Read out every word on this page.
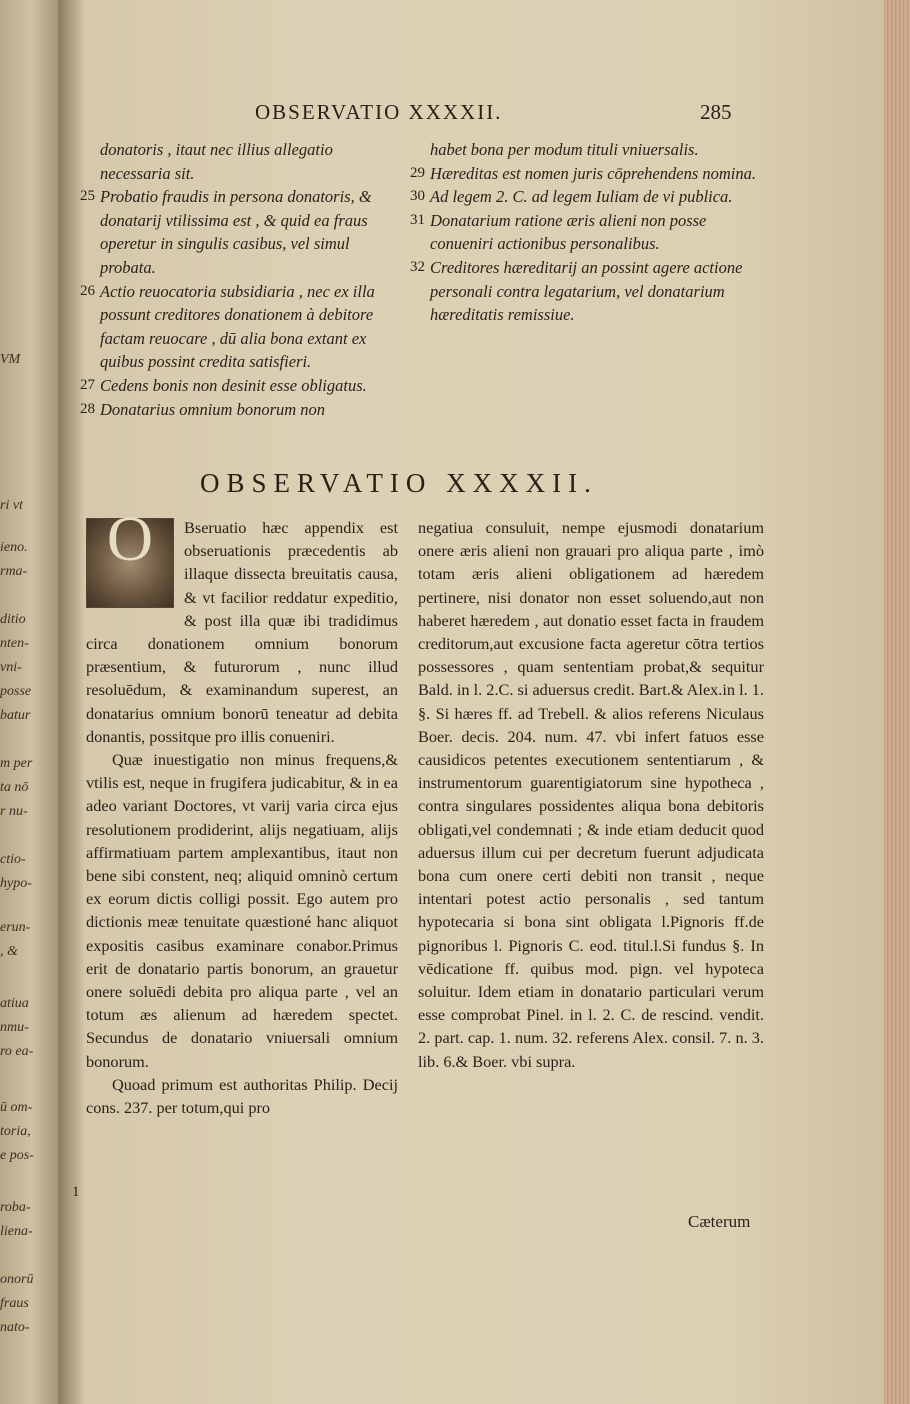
VM
ri vt
ieno.
rma-
ditio
nten-
vni-
posse
batur
m per
ta nō
r nu-
ctio-
hypo-
erun-
, &
atiua
nmu-
ro ea-
ū om-
toria,
e pos-
roba-
liena-
onorū
fraus
nato-
OBSERVATIO XXXXII.	285
donatoris , itaut nec illius allegatio necessaria sit.
25 Probatio fraudis in persona donatoris, & donatarij vtilissima est , & quid ea fraus operetur in singulis casibus, vel simul probata.
26 Actio reuocatoria subsidiaria , nec ex illa possunt creditores donationem à debitore factam reuocare , dū alia bona extant ex quibus possint credita satisfieri.
27 Cedens bonis non desinit esse obligatus.
28 Donatarius omnium bonorum non
habet bona per modum tituli vniuersalis.
29 Hæreditas est nomen juris cōprehendens nomina.
30 Ad legem 2. C. ad legem Iuliam de vi publica.
31 Donatarium ratione æris alieni non posse conueniri actionibus personalibus.
32 Creditores hæreditarij an possint agere actione personali contra legatarium, vel donatarium hæreditatis remissiue.
OBSERVATIO XXXXII.
O	Bseruatio hæc appendix est obseruationis præcedentis ab illaque dissecta breuitatis causa, & vt facilior reddatur expeditio, & post illa quæ ibi tradidimus circa donationem omnium bonorum præsentium, & futurorum , nunc illud resoluēdum, & examinandum superest, an donatarius omnium bonorū teneatur ad debita donantis, possitque pro illis conueniri.

Quæ inuestigatio non minus frequens,& vtilis est, neque in frugifera judicabitur, & in ea adeo variant Doctores, vt varij varia circa ejus resolutionem prodiderint, alijs negatiuam, alijs affirmatiuam partem amplexantibus, itaut non bene sibi constent, neq; aliquid omninò certum ex eorum dictis colligi possit. Ego autem pro dictionis meæ tenuitate quæstioné hanc aliquot expositis casibus examinare conabor.Primus erit de donatario partis bonorum, an grauetur onere soluēdi debita pro aliqua parte , vel an totum æs alienum ad hæredem spectet. Secundus de donatario vniuersali omnium bonorum.

Quoad primum est authoritas Philip. Decij cons. 237. per totum,qui pro

1

negatiua consuluit, nempe ejusmodi donatarium onere æris alieni non grauari pro aliqua parte , imò totam æris alieni obligationem ad hæredem pertinere, nisi donator non esset soluendo,aut non haberet hæredem , aut donatio esset facta in fraudem creditorum,aut excusione facta ageretur cōtra tertios possessores , quam sententiam probat,& sequitur Bald. in l. 2.C. si aduersus credit. Bart.& Alex.in l. 1. §. Si hæres ff. ad Trebell. & alios referens Niculaus Boer. decis. 204. num. 47. vbi infert fatuos esse causidicos petentes executionem sententiarum , & instrumentorum guarentigiatorum sine hypotheca , contra singulares possidentes aliqua bona debitoris obligati,vel condemnati ; & inde etiam deducit quod aduersus illum cui per decretum fuerunt adjudicata bona cum onere certi debiti non transit , neque intentari potest actio personalis , sed tantum hypotecaria si bona sint obligata l.Pignoris ff.de pignoribus l. Pignoris C. eod. titul.l.Si fundus §. In vēdicatione ff. quibus mod. pign. vel hypoteca soluitur. Idem etiam in donatario particulari verum esse comprobat Pinel. in l. 2. C. de rescind. vendit. 2. part. cap. 1. num. 32. referens Alex. consil. 7. n. 3. lib. 6.& Boer. vbi supra.

Cæterum
